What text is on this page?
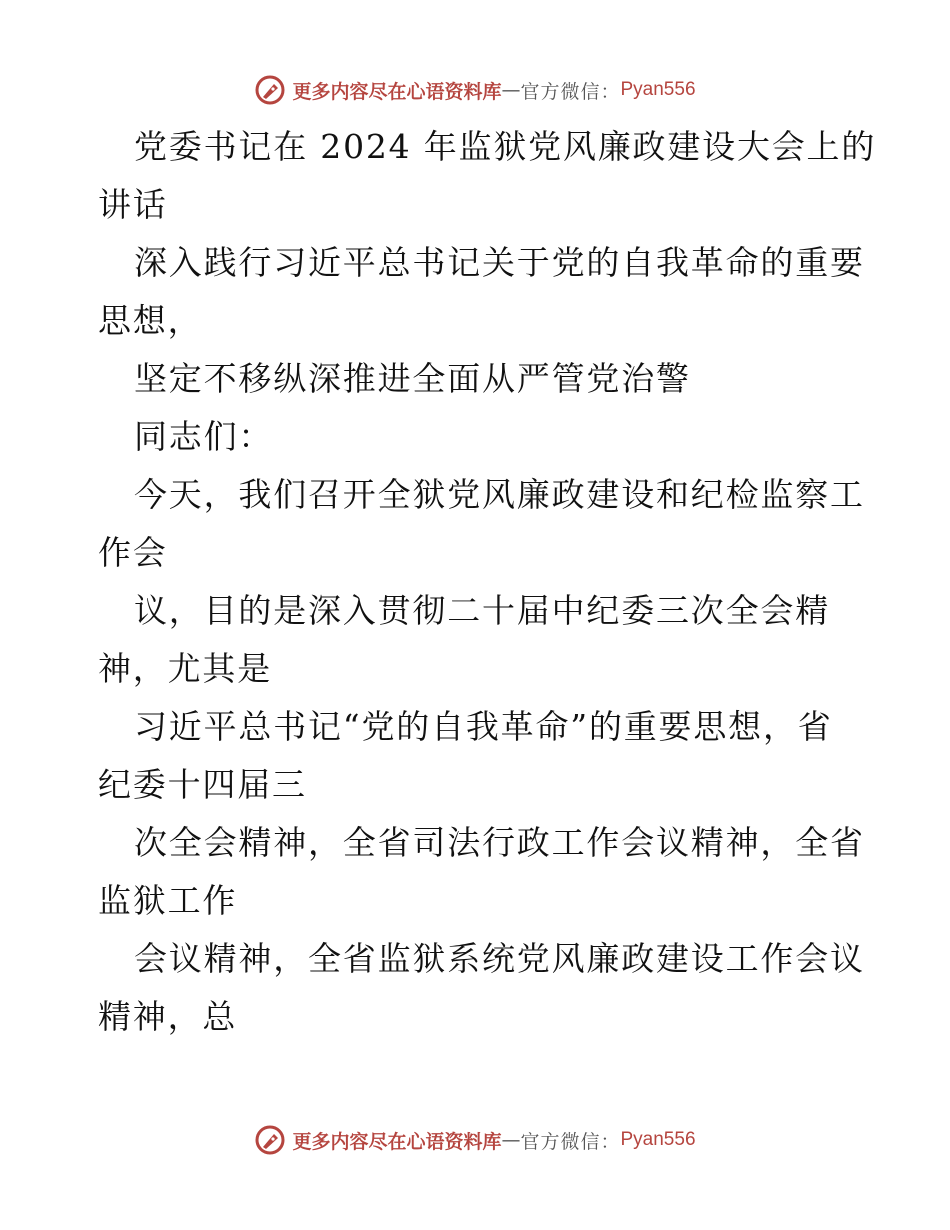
更多内容尽在心语资料库 — 官方微信： Pyan556
党委书记在 2024 年监狱党风廉政建设大会上的
讲话
深入践行习近平总书记关于党的自我革命的重要
思想，
坚定不移纵深推进全面从严管党治警
同志们：
今天，我们召开全狱党风廉政建设和纪检监察工
作会
议，目的是深入贯彻二十届中纪委三次全会精
神，尤其是
习近平总书记“党的自我革命”的重要思想，省
纪委十四届三
次全会精神，全省司法行政工作会议精神，全省
监狱工作
会议精神，全省监狱系统党风廉政建设工作会议
精神，总
更多内容尽在心语资料库 — 官方微信： Pyan556
